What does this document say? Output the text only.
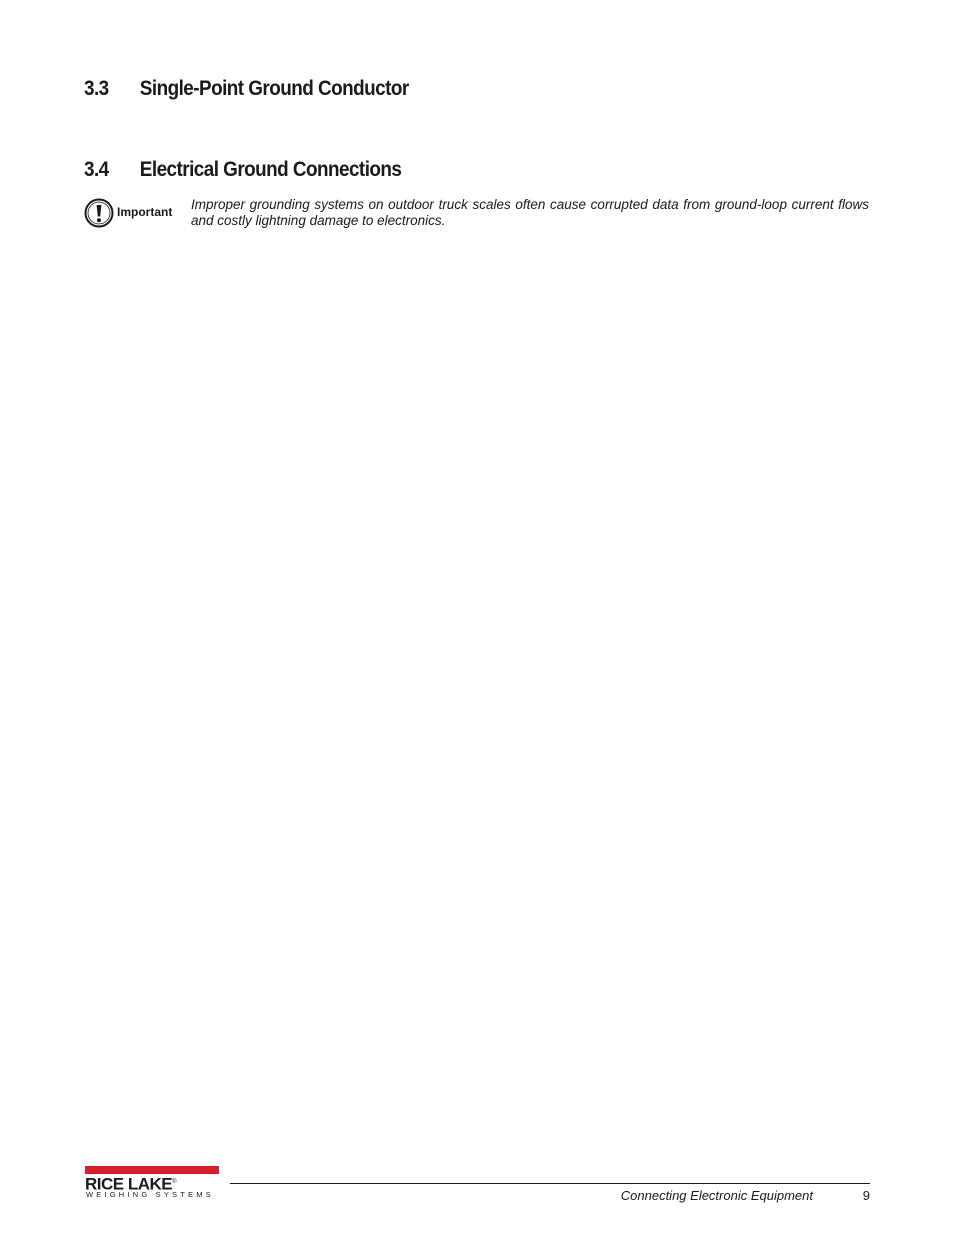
3.3 Single-Point Ground Conductor
3.4 Electrical Ground Connections
Important Improper grounding systems on outdoor truck scales often cause corrupted data from ground-loop current flows and costly lightning damage to electronics.

RICE LAKE®
WEIGHING SYSTEMS	Connecting Electronic Equipment	9
